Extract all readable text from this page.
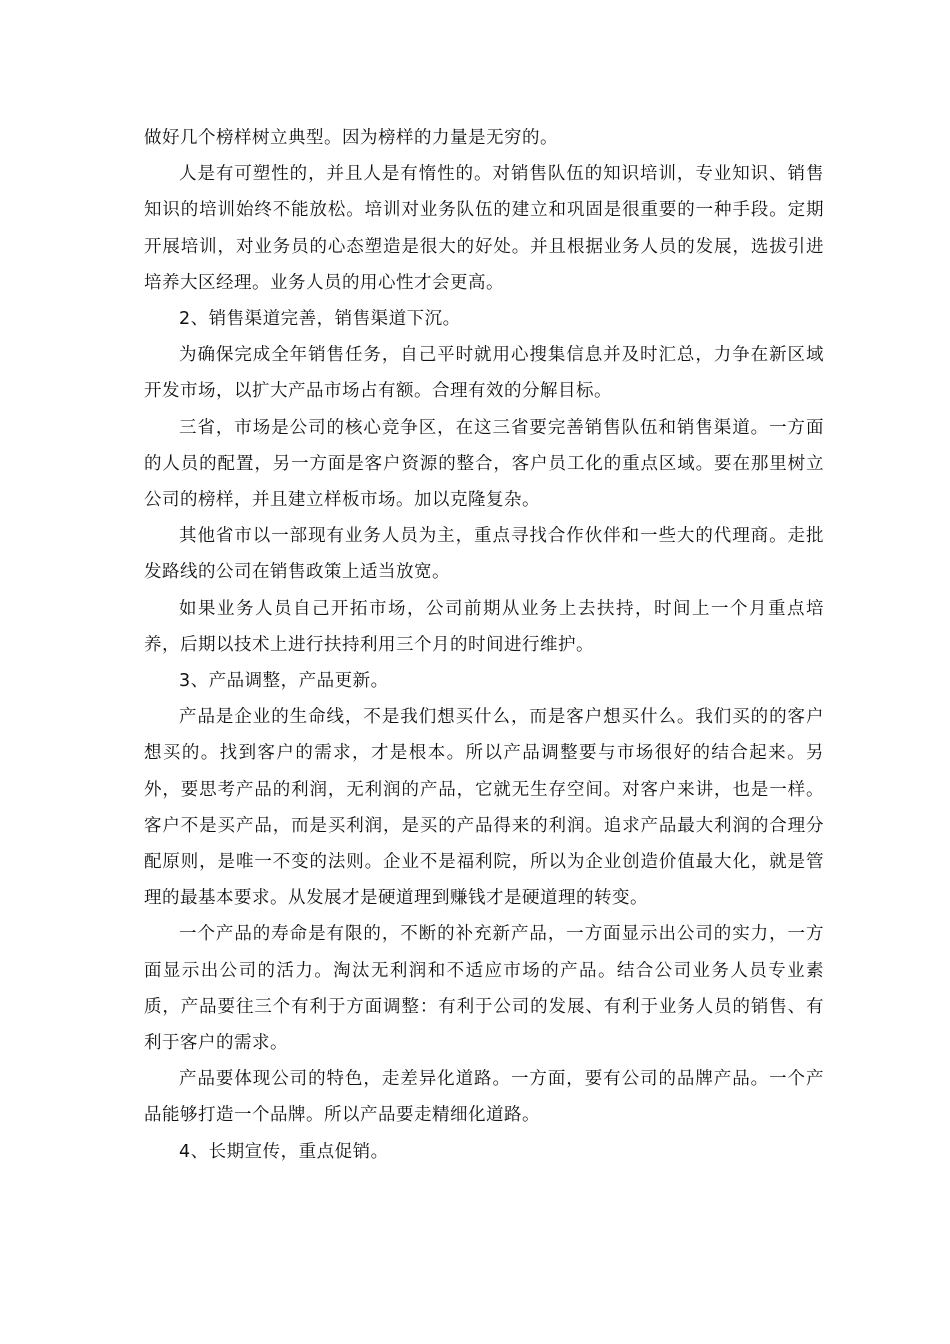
做好几个榜样树立典型。因为榜样的力量是无穷的。

人是有可塑性的，并且人是有惰性的。对销售队伍的知识培训，专业知识、销售知识的培训始终不能放松。培训对业务队伍的建立和巩固是很重要的一种手段。定期开展培训，对业务员的心态塑造是很大的好处。并且根据业务人员的发展，选拔引进培养大区经理。业务人员的用心性才会更高。

2、销售渠道完善，销售渠道下沉。

为确保完成全年销售任务，自己平时就用心搜集信息并及时汇总，力争在新区域开发市场，以扩大产品市场占有额。合理有效的分解目标。

三省，市场是公司的核心竞争区，在这三省要完善销售队伍和销售渠道。一方面的人员的配置，另一方面是客户资源的整合，客户员工化的重点区域。要在那里树立公司的榜样，并且建立样板市场。加以克隆复杂。

其他省市以一部现有业务人员为主，重点寻找合作伙伴和一些大的代理商。走批发路线的公司在销售政策上适当放宽。

如果业务人员自己开拓市场，公司前期从业务上去扶持，时间上一个月重点培养，后期以技术上进行扶持利用三个月的时间进行维护。

3、产品调整，产品更新。

产品是企业的生命线，不是我们想买什么，而是客户想买什么。我们买的的客户想买的。找到客户的需求，才是根本。所以产品调整要与市场很好的结合起来。另外，要思考产品的利润，无利润的产品，它就无生存空间。对客户来讲，也是一样。客户不是买产品，而是买利润，是买的产品得来的利润。追求产品最大利润的合理分配原则，是唯一不变的法则。企业不是福利院，所以为企业创造价值最大化，就是管理的最基本要求。从发展才是硬道理到赚钱才是硬道理的转变。

一个产品的寿命是有限的，不断的补充新产品，一方面显示出公司的实力，一方面显示出公司的活力。淘汰无利润和不适应市场的产品。结合公司业务人员专业素质，产品要往三个有利于方面调整：有利于公司的发展、有利于业务人员的销售、有利于客户的需求。

产品要体现公司的特色，走差异化道路。一方面，要有公司的品牌产品。一个产品能够打造一个品牌。所以产品要走精细化道路。

4、长期宣传，重点促销。
